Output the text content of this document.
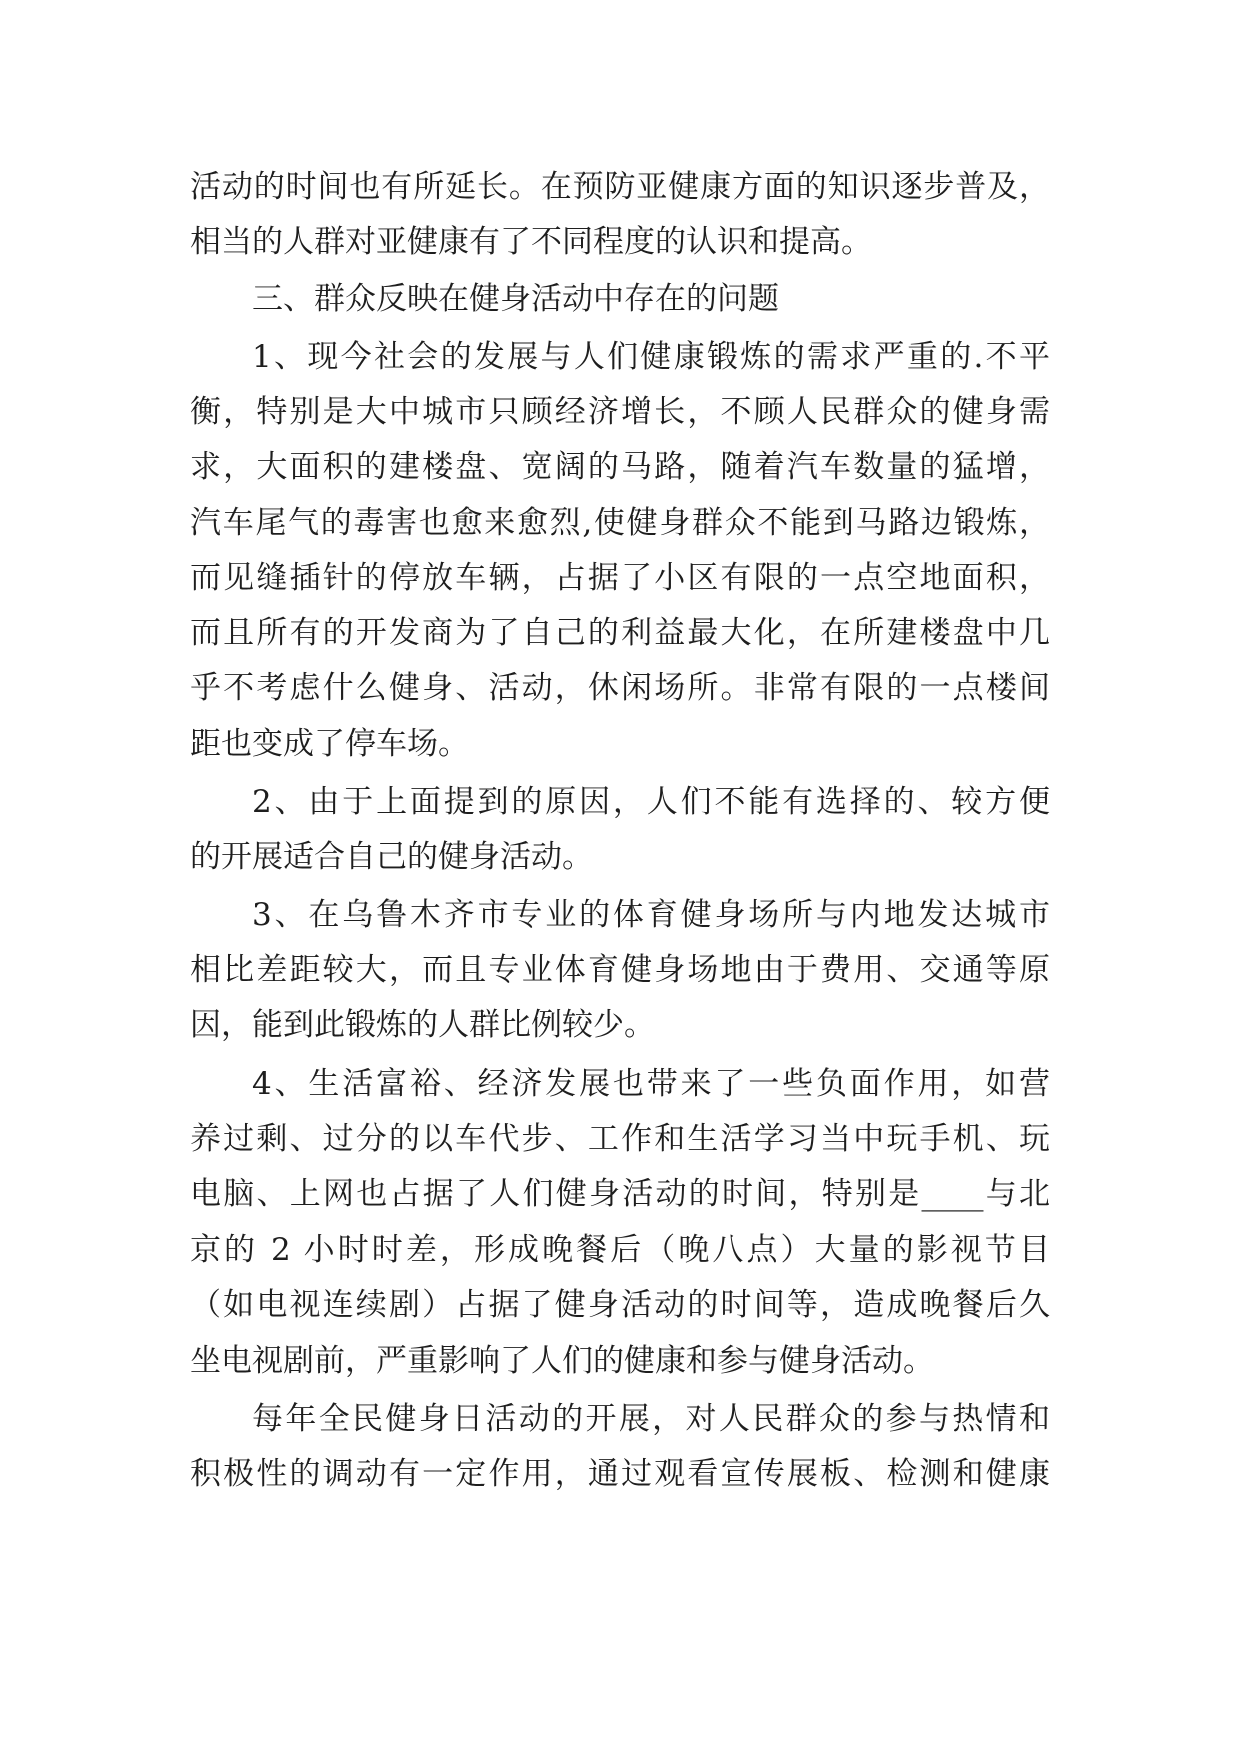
活动的时间也有所延长。在预防亚健康方面的知识逐步普及，
相当的人群对亚健康有了不同程度的认识和提高。
三、群众反映在健身活动中存在的问题
1、现今社会的发展与人们健康锻炼的需求严重的.不平
衡，特别是大中城市只顾经济增长，不顾人民群众的健身需
求，大面积的建楼盘、宽阔的马路，随着汽车数量的猛增，
汽车尾气的毒害也愈来愈烈,使健身群众不能到马路边锻炼，
而见缝插针的停放车辆，占据了小区有限的一点空地面积，
而且所有的开发商为了自己的利益最大化，在所建楼盘中几
乎不考虑什么健身、活动，休闲场所。非常有限的一点楼间
距也变成了停车场。
2、由于上面提到的原因，人们不能有选择的、较方便
的开展适合自己的健身活动。
3、在乌鲁木齐市专业的体育健身场所与内地发达城市
相比差距较大，而且专业体育健身场地由于费用、交通等原
因，能到此锻炼的人群比例较少。
4、生活富裕、经济发展也带来了一些负面作用，如营
养过剩、过分的以车代步、工作和生活学习当中玩手机、玩
电脑、上网也占据了人们健身活动的时间，特别是____与北
京的 2 小时时差，形成晚餐后（晚八点）大量的影视节目
（如电视连续剧）占据了健身活动的时间等，造成晚餐后久
坐电视剧前，严重影响了人们的健康和参与健身活动。
每年全民健身日活动的开展，对人民群众的参与热情和
积极性的调动有一定作用，通过观看宣传展板、检测和健康
